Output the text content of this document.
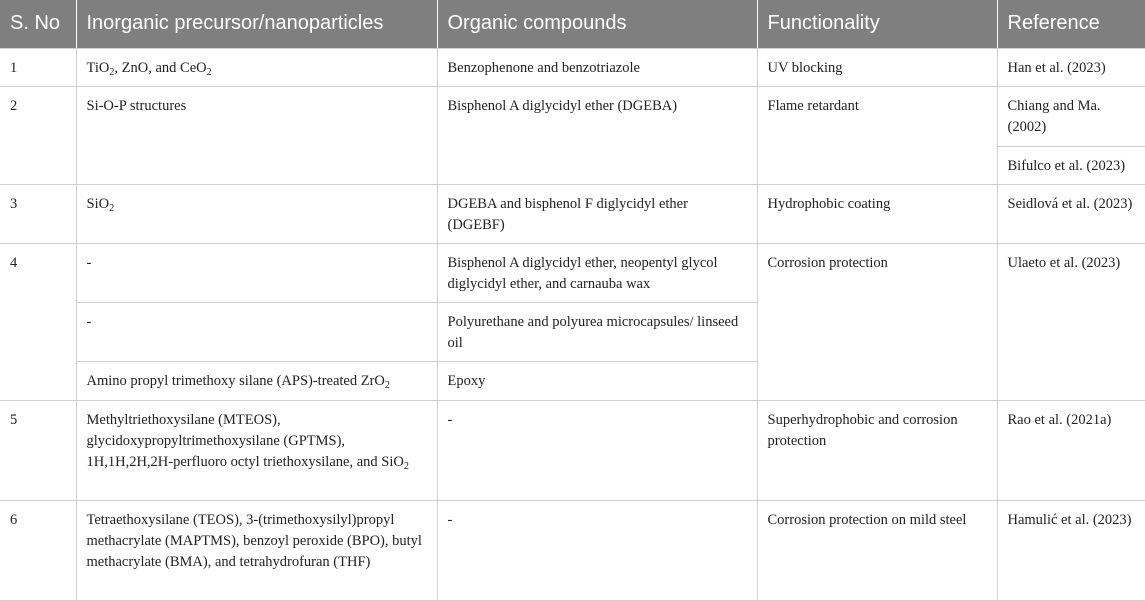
S. No	Inorganic precursor/nanoparticles	Organic compounds	Functionality	Reference
1	TiO$_2$, ZnO, and CeO$_2$	Benzophenone and benzotriazole	UV blocking	Han et al. (2023)
2	Si-O-P structures	Bisphenol A diglycidyl ether (DGEBA)	Flame retardant	Chiang and Ma. (2002)
				Bifulco et al. (2023)
3	SiO$_2$	DGEBA and bisphenol F diglycidyl ether (DGEBF)	Hydrophobic coating	Seidlová et al. (2023)
4	-	Bisphenol A diglycidyl ether, neopentyl glycol diglycidyl ether, and carnauba wax	Corrosion protection	Ulaeto et al. (2023)
	-	Polyurethane and polyurea microcapsules/ linseed oil		
	Amino propyl trimethoxy silane (APS)-treated ZrO$_2$	Epoxy		
5	Methyltriethoxysilane (MTEOS), glycidoxypropyltrimethoxysilane (GPTMS), 1H,1H,2H,2H-perfluoro octyl triethoxysilane, and SiO$_2$	-	Superhydrophobic and corrosion protection	Rao et al. (2021a)
6	Tetraethoxysilane (TEOS), 3-(trimethoxysilyl)propyl methacrylate (MAPTMS), benzoyl peroxide (BPO), butyl methacrylate (BMA), and tetrahydrofuran (THF)	-	Corrosion protection on mild steel	Hamulić et al. (2023)
